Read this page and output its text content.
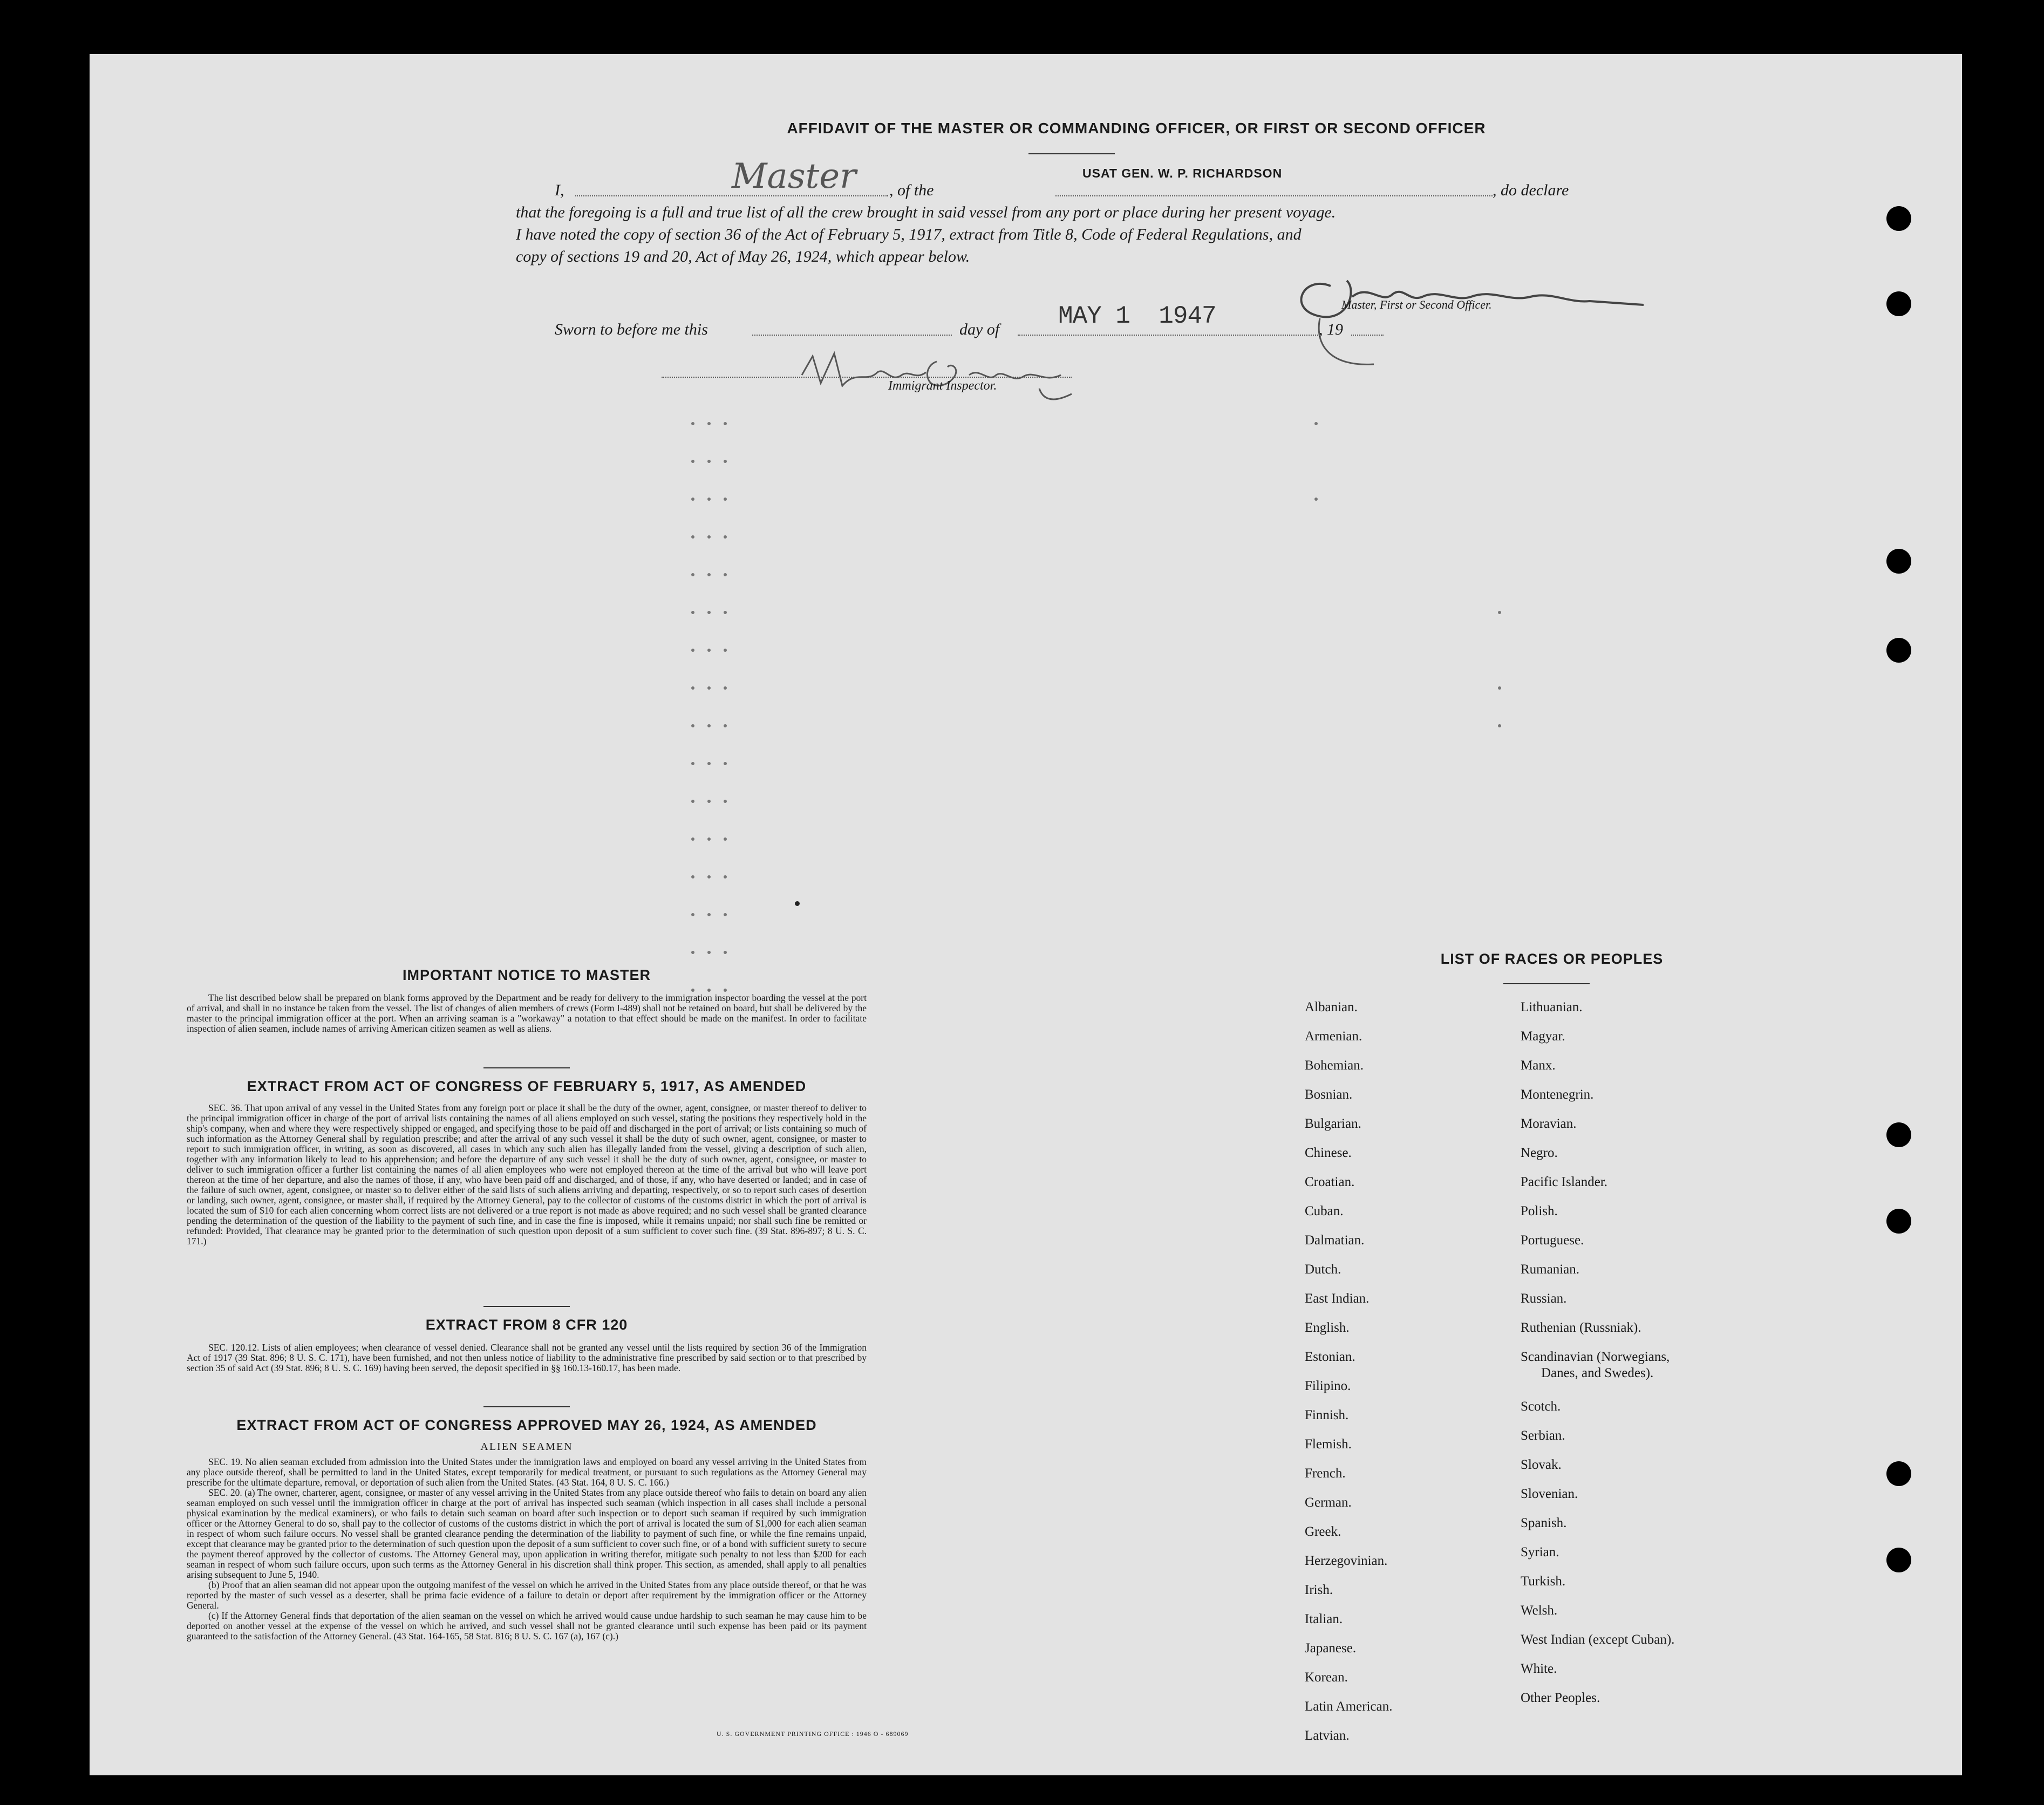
AFFIDAVIT OF THE MASTER OR COMMANDING OFFICER, OR FIRST OR SECOND OFFICER
I,	Master , of the
USAT GEN. W. P. RICHARDSON
, do declare
that the foregoing is a full and true list of all the crew brought in said vessel from any port or place during her present voyage.
I have noted the copy of section 36 of the Act of February 5, 1917, extract from Title 8, Code of Federal Regulations, and
copy of sections 19 and 20, Act of May 26, 1924, which appear below.
Master, First or Second Officer.
Sworn to before me this	day of MAY 1  1947	, 19
Immigrant Inspector.
IMPORTANT NOTICE TO MASTER

The list described below shall be prepared on blank forms approved by the Department and be ready for delivery to the immigration inspector boarding the vessel at the port of arrival, and shall in no instance be taken from the vessel. The list of changes of alien members of crews (Form I-489) shall not be retained on board, but shall be delivered by the master to the principal immigration officer at the port. When an arriving seaman is a "workaway" a notation to that effect should be made on the manifest. In order to facilitate inspection of alien seamen, include names of arriving American citizen seamen as well as aliens.

EXTRACT FROM ACT OF CONGRESS OF FEBRUARY 5, 1917, AS AMENDED

SEC. 36. That upon arrival of any vessel in the United States from any foreign port or place it shall be the duty of the owner, agent, consignee, or master thereof to deliver to the principal immigration officer in charge of the port of arrival lists containing the names of all aliens employed on such vessel, stating the positions they respectively hold in the ship's company, when and where they were respectively shipped or engaged, and specifying those to be paid off and discharged in the port of arrival; or lists containing so much of such information as the Attorney General shall by regulation prescribe; and after the arrival of any such vessel it shall be the duty of such owner, agent, consignee, or master to report to such immigration officer, in writing, as soon as discovered, all cases in which any such alien has illegally landed from the vessel, giving a description of such alien, together with any information likely to lead to his apprehension; and before the departure of any such vessel it shall be the duty of such owner, agent, consignee, or master to deliver to such immigration officer a further list containing the names of all alien employees who were not employed thereon at the time of the arrival but who will leave port thereon at the time of her departure, and also the names of those, if any, who have been paid off and discharged, and of those, if any, who have deserted or landed; and in case of the failure of such owner, agent, consignee, or master so to deliver either of the said lists of such aliens arriving and departing, respectively, or so to report such cases of desertion or landing, such owner, agent, consignee, or master shall, if required by the Attorney General, pay to the collector of customs of the customs district in which the port of arrival is located the sum of $10 for each alien concerning whom correct lists are not delivered or a true report is not made as above required; and no such vessel shall be granted clearance pending the determination of the question of the liability to the payment of such fine, and in case the fine is imposed, while it remains unpaid; nor shall such fine be remitted or refunded: Provided, That clearance may be granted prior to the determination of such question upon deposit of a sum sufficient to cover such fine. (39 Stat. 896-897; 8 U. S. C. 171.)

EXTRACT FROM 8 CFR 120

SEC. 120.12. Lists of alien employees; when clearance of vessel denied. Clearance shall not be granted any vessel until the lists required by section 36 of the Immigration Act of 1917 (39 Stat. 896; 8 U. S. C. 171), have been furnished, and not then unless notice of liability to the administrative fine prescribed by said section or to that prescribed by section 35 of said Act (39 Stat. 896; 8 U. S. C. 169) having been served, the deposit specified in §§ 160.13-160.17, has been made.

EXTRACT FROM ACT OF CONGRESS APPROVED MAY 26, 1924, AS AMENDED
ALIEN SEAMEN

SEC. 19. No alien seaman excluded from admission into the United States under the immigration laws and employed on board any vessel arriving in the United States from any place outside thereof, shall be permitted to land in the United States, except temporarily for medical treatment, or pursuant to such regulations as the Attorney General may prescribe for the ultimate departure, removal, or deportation of such alien from the United States. (43 Stat. 164, 8 U. S. C. 166.)

SEC. 20. (a) The owner, charterer, agent, consignee, or master of any vessel arriving in the United States from any place outside thereof who fails to detain on board any alien seaman employed on such vessel until the immigration officer in charge at the port of arrival has inspected such seaman (which inspection in all cases shall include a personal physical examination by the medical examiners), or who fails to detain such seaman on board after such inspection or to deport such seaman if required by such immigration officer or the Attorney General to do so, shall pay to the collector of customs of the customs district in which the port of arrival is located the sum of $1,000 for each alien seaman in respect of whom such failure occurs. No vessel shall be granted clearance pending the determination of the liability to payment of such fine, or while the fine remains unpaid, except that clearance may be granted prior to the determination of such question upon the deposit of a sum sufficient to cover such fine, or of a bond with sufficient surety to secure the payment thereof approved by the collector of customs. The Attorney General may, upon application in writing therefor, mitigate such penalty to not less than $200 for each seaman in respect of whom such failure occurs, upon such terms as the Attorney General in his discretion shall think proper. This section, as amended, shall apply to all penalties arising subsequent to June 5, 1940.

(b) Proof that an alien seaman did not appear upon the outgoing manifest of the vessel on which he arrived in the United States from any place outside thereof, or that he was reported by the master of such vessel as a deserter, shall be prima facie evidence of a failure to detain or deport after requirement by the immigration officer or the Attorney General.

(c) If the Attorney General finds that deportation of the alien seaman on the vessel on which he arrived would cause undue hardship to such seaman he may cause him to be deported on another vessel at the expense of the vessel on which he arrived, and such vessel shall not be granted clearance until such expense has been paid or its payment guaranteed to the satisfaction of the Attorney General. (43 Stat. 164-165, 58 Stat. 816; 8 U. S. C. 167 (a), 167 (c).)

U. S. GOVERNMENT PRINTING OFFICE : 1946 O - 689069
LIST OF RACES OR PEOPLES
Albanian.
Armenian.
Bohemian.
Bosnian.
Bulgarian.
Chinese.
Croatian.
Cuban.
Dalmatian.
Dutch.
East Indian.
English.
Estonian.
Filipino.
Finnish.
Flemish.
French.
German.
Greek.
Herzegovinian.
Irish.
Italian.
Japanese.
Korean.
Latin American.
Latvian.
Lithuanian.
Magyar.
Manx.
Montenegrin.
Moravian.
Negro.
Pacific Islander.
Polish.
Portuguese.
Rumanian.
Russian.
Ruthenian (Russniak).
Scandinavian (Norwegians,
Danes, and Swedes).
Scotch.
Serbian.
Slovak.
Slovenian.
Spanish.
Syrian.
Turkish.
Welsh.
West Indian (except Cuban).
White.
Other Peoples.
